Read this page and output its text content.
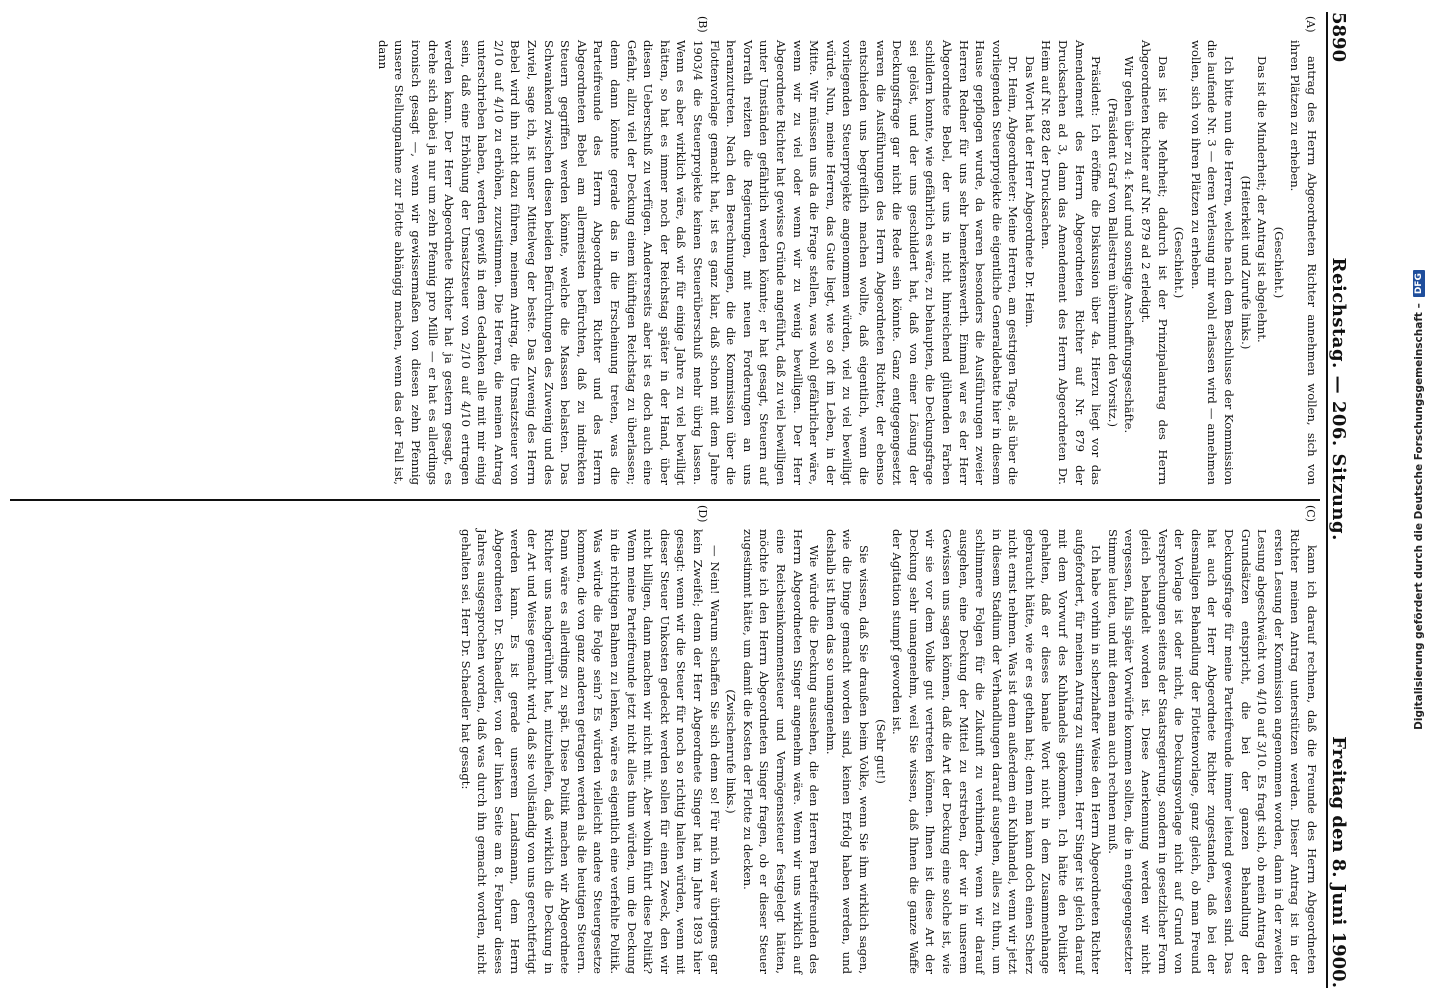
5890
Reichstag. — 206. Sitzung.
Freitag den 8. Juni 1900.
(A)
(B)

antrag des Herrn Abgeordneten Richter annehmen wollen, sich von ihren Plätzen zu erheben.

(Geschieht.)

Das ist die Minderheit; der Antrag ist abgelehnt.

(Heiterkeit und Zurufe links.)

Ich bitte nun die Herren, welche nach dem Beschlusse der Kommission die laufende Nr. 3 — deren Verlesung mir wohl erlassen wird — annehmen wollen, sich von ihren Plätzen zu erheben.

(Geschieht.)

Das ist die Mehrheit; dadurch ist der Prinzipalantrag des Herrn Abgeordneten Richter auf Nr. 879 ad 2 erledigt.

Wir gehen über zu 4: Kauf und sonstige Anschaffungsgeschäfte.

(Präsident Graf von Ballestrem übernimmt den Vorsitz.)

Präsident: Ich eröffne die Diskussion über 4a. Hierzu liegt vor das Amendement des Herrn Abgeordneten Richter auf Nr. 879 der Drucksachen ad 3, dann das Amendement des Herrn Abgeordneten Dr. Heim auf Nr. 882 der Drucksachen.

Das Wort hat der Herr Abgeordnete Dr. Heim.

Dr. Heim, Abgeordneter: Meine Herren, am gestrigen Tage, als über die vorliegenden Steuerprojekte die eigentliche Generaldebatte hier in diesem Hause gepflogen wurde, da waren besonders die Ausführungen zweier Herren Redner für uns sehr bemerkenswerth. Einmal war es der Herr Abgeordnete Bebel, der uns in nicht hinreichend glühenden Farben schildern konnte, wie gefährlich es wäre, zu behaupten, die Deckungsfrage sei gelöst, und der uns geschildert hat, daß von einer Lösung der Deckungsfrage gar nicht die Rede sein könnte. Ganz entgegengesetzt waren die Ausführungen des Herrn Abgeordneten Richter, der ebenso entschieden uns begreiflich machen wollte, daß eigentlich, wenn die vorliegenden Steuerprojekte angenommen würden, viel zu viel bewilligt würde. Nun, meine Herren, das Gute liegt, wie so oft im Leben, in der Mitte. Wir müssen uns da die Frage stellen, was wohl gefährlicher wäre, wenn wir zu viel oder wenn wir zu wenig bewilligen. Der Herr Abgeordnete Richter hat gewisse Gründe angeführt, daß zu viel bewilligen unter Umständen gefährlich werden könnte; er hat gesagt, Steuern auf Vorrath reizten die Regierungen, mit neuen Forderungen an uns heranzutreten. Nach den Berechnungen, die die Kommission über die Flottenvorlage gemacht hat, ist es ganz klar, daß schon mit dem Jahre 1903/4 die Steuerprojekte keinen Steuerüberschuß mehr übrig lassen. Wenn es aber wirklich wäre, daß wir für einige Jahre zu viel bewilligt hätten, so hat es immer noch der Reichstag später in der Hand, über diesen Ueberschuß zu verfügen. Andererseits aber ist es doch auch eine Gefahr, allzu viel der Deckung einem künftigen Reichstag zu überlassen; denn dann könnte gerade das in die Erscheinung treten, was die Parteifreunde des Herrn Abgeordneten Richter und des Herrn Abgeordneten Bebel am allermeisten befürchten, daß zu indirekten Steuern gegriffen werden könnte, welche die Massen belasten. Das Schwankend zwischen diesen beiden Befürchtungen des Zuwenig und des Zuviel, sage ich, ist unser Mittelweg der beste. Das Zuwenig des Herrn Bebel wird ihn nicht dazu führen, meinem Antrag, die Umsatzsteuer von 2/10 auf 4/10 zu erhöhen, zuzustimmen. Die Herren, die meinen Antrag unterschrieben haben, werden gewiß in dem Gedanken alle mit mir einig sein, daß eine Erhöhung der Umsatzsteuer von 2/10 auf 4/10 ertragen werden kann. Der Herr Abgeordnete Richter hat ja gestern gesagt, es drehe sich dabei ja nur um zehn Pfennig pro Mille — er hat es allerdings ironisch gesagt —, wenn wir gewissermaßen von diesen zehn Pfennig unsere Stellungnahme zur Flotte abhängig machen, wenn das der Fall ist, dann

(C)
(D)

kann ich darauf rechnen, daß die Freunde des Herrn Abgeordneten Richter meinen Antrag unterstützen werden. Dieser Antrag ist in der ersten Lesung der Kommission angenommen worden, dann in der zweiten Lesung abgeschwächt von 4/10 auf 3/10. Es fragt sich, ob mein Antrag den Grundsätzen entspricht, die bei der ganzen Behandlung der Deckungsfrage für meine Parteifreunde immer leitend gewesen sind. Das hat auch der Herr Abgeordnete Richter zugestanden, daß bei der diesmaligen Behandlung der Flottenvorlage, ganz gleich, ob man Freund der Vorlage ist oder nicht, die Deckungsvorlage nicht auf Grund von Versprechungen seitens der Staatsregierung, sondern in gesetzlicher Form gleich behandelt worden ist. Diese Anerkennung werden wir nicht vergessen, falls später Vorwürfe kommen sollten, die in entgegengesetzter Stimme lauten, und mit denen man auch rechnen muß.

Ich habe vorhin in scherzhafter Weise den Herrn Abgeordneten Richter aufgefordert, für meinen Antrag zu stimmen. Herr Singer ist gleich darauf mit dem Vorwurf des Kuhhandels gekommen. Ich hätte den Politiker gehalten, daß er dieses banale Wort nicht in dem Zusammenhange gebraucht hätte, wie er es gethan hat; denn man kann doch einen Scherz nicht ernst nehmen. Was ist denn außerdem ein Kuhhandel, wenn wir jetzt in diesem Stadium der Verhandlungen darauf ausgehen, alles zu thun, um schlimmere Folgen für die Zukunft zu verhindern, wenn wir darauf ausgehen, eine Deckung der Mittel zu erstreben, der wir in unserem Gewissen uns sagen können, daß die Art der Deckung eine solche ist, wie wir sie vor dem Volke gut vertreten können. Ihnen ist diese Art der Deckung sehr unangenehm, weil Sie wissen, daß Ihnen die ganze Waffe der Agitation stumpf geworden ist.

(Sehr gut!)

Sie wissen, daß Sie draußen beim Volke, wenn Sie ihm wirklich sagen, wie die Dinge gemacht worden sind, keinen Erfolg haben werden, und deshalb ist Ihnen das so unangenehm.

Wie würde die Deckung aussehen, die den Herren Parteifreunden des Herrn Abgeordneten Singer angenehm wäre. Wenn wir uns wirklich auf eine Reichseinkommensteuer und Vermögenssteuer festgelegt hätten, möchte ich den Herrn Abgeordneten Singer fragen, ob er dieser Steuer zugestimmt hätte, um damit die Kosten der Flotte zu decken.

(Zwischenrufe links.)

— Nein! Warum schaffen Sie sich denn so! Für mich war übrigens gar kein Zweifel; denn der Herr Abgeordnete Singer hat im Jahre 1893 hier gesagt: wenn wir die Steuer für noch so richtig halten würden, wenn mit dieser Steuer Unkosten gedeckt werden sollen für einen Zweck, den wir nicht billigen, dann machen wir nicht mit. Aber wohin führt diese Politik? Wenn meine Parteifreunde jetzt nicht alles thun würden, um die Deckung in die richtigen Bahnen zu lenken, wäre es eigentlich eine verfehlte Politik. Was würde die Folge sein? Es würden vielleicht andere Steuergesetze kommen, die von ganz anderen getragen werden als die heutigen Steuern. Dann wäre es allerdings zu spät. Diese Politik machen wir Abgeordnete Richter uns nachgerühmt hat, mitzuhelfen, daß wirklich die Deckung in der Art und Weise gemacht wird, daß sie vollständig von uns gerechtfertigt werden kann. Es ist gerade unserem Landsmann, dem Herrn Abgeordneten Dr. Schaedler, von der linken Seite am 8. Februar dieses Jahres ausgesprochen worden, daß was durch ihn gemacht worden, nicht gehalten sei. Herr Dr. Schaedler hat gesagt:	Digitalisierung gefördert durch die Deutsche Forschungsgemeinschaft –
DFG
